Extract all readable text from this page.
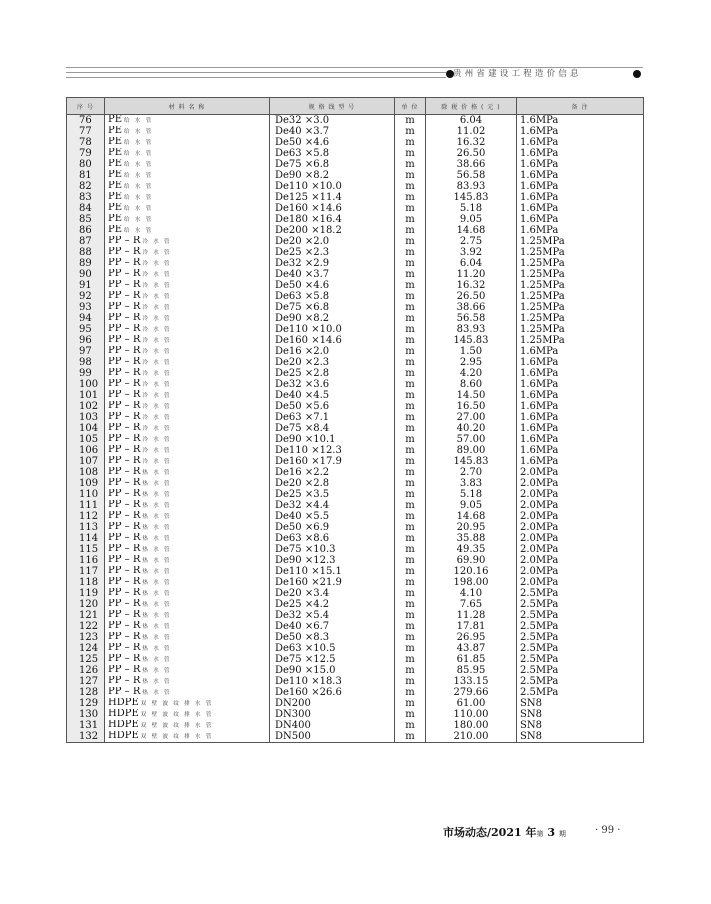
贵州省建设工程造价信息
序 号	材 料 名 称	规 格 线 型 号	单 位	除 税 价 格 ( 元 )	备 注
76	PE 给 水 管	De32 ×3.0	m	6.04	1.6MPa
77	PE 给 水 管	De40 ×3.7	m	11.02	1.6MPa
78	PE 给 水 管	De50 ×4.6	m	16.32	1.6MPa
79	PE 给 水 管	De63 ×5.8	m	26.50	1.6MPa
80	PE 给 水 管	De75 ×6.8	m	38.66	1.6MPa
81	PE 给 水 管	De90 ×8.2	m	56.58	1.6MPa
82	PE 给 水 管	De110 ×10.0	m	83.93	1.6MPa
83	PE 给 水 管	De125 ×11.4	m	145.83	1.6MPa
84	PE 给 水 管	De160 ×14.6	m	5.18	1.6MPa
85	PE 给 水 管	De180 ×16.4	m	9.05	1.6MPa
86	PE 给 水 管	De200 ×18.2	m	14.68	1.6MPa
87	PP – R 冷 水 管	De20 ×2.0	m	2.75	1.25MPa
88	PP – R 冷 水 管	De25 ×2.3	m	3.92	1.25MPa
89	PP – R 冷 水 管	De32 ×2.9	m	6.04	1.25MPa
90	PP – R 冷 水 管	De40 ×3.7	m	11.20	1.25MPa
91	PP – R 冷 水 管	De50 ×4.6	m	16.32	1.25MPa
92	PP – R 冷 水 管	De63 ×5.8	m	26.50	1.25MPa
93	PP – R 冷 水 管	De75 ×6.8	m	38.66	1.25MPa
94	PP – R 冷 水 管	De90 ×8.2	m	56.58	1.25MPa
95	PP – R 冷 水 管	De110 ×10.0	m	83.93	1.25MPa
96	PP – R 冷 水 管	De160 ×14.6	m	145.83	1.25MPa
97	PP – R 冷 水 管	De16 ×2.0	m	1.50	1.6MPa
98	PP – R 冷 水 管	De20 ×2.3	m	2.95	1.6MPa
99	PP – R 冷 水 管	De25 ×2.8	m	4.20	1.6MPa
100	PP – R 冷 水 管	De32 ×3.6	m	8.60	1.6MPa
101	PP – R 冷 水 管	De40 ×4.5	m	14.50	1.6MPa
102	PP – R 冷 水 管	De50 ×5.6	m	16.50	1.6MPa
103	PP – R 冷 水 管	De63 ×7.1	m	27.00	1.6MPa
104	PP – R 冷 水 管	De75 ×8.4	m	40.20	1.6MPa
105	PP – R 冷 水 管	De90 ×10.1	m	57.00	1.6MPa
106	PP – R 冷 水 管	De110 ×12.3	m	89.00	1.6MPa
107	PP – R 冷 水 管	De160 ×17.9	m	145.83	1.6MPa
108	PP – R 热 水 管	De16 ×2.2	m	2.70	2.0MPa
109	PP – R 热 水 管	De20 ×2.8	m	3.83	2.0MPa
110	PP – R 热 水 管	De25 ×3.5	m	5.18	2.0MPa
111	PP – R 热 水 管	De32 ×4.4	m	9.05	2.0MPa
112	PP – R 热 水 管	De40 ×5.5	m	14.68	2.0MPa
113	PP – R 热 水 管	De50 ×6.9	m	20.95	2.0MPa
114	PP – R 热 水 管	De63 ×8.6	m	35.88	2.0MPa
115	PP – R 热 水 管	De75 ×10.3	m	49.35	2.0MPa
116	PP – R 热 水 管	De90 ×12.3	m	69.90	2.0MPa
117	PP – R 热 水 管	De110 ×15.1	m	120.16	2.0MPa
118	PP – R 热 水 管	De160 ×21.9	m	198.00	2.0MPa
119	PP – R 热 水 管	De20 ×3.4	m	4.10	2.5MPa
120	PP – R 热 水 管	De25 ×4.2	m	7.65	2.5MPa
121	PP – R 热 水 管	De32 ×5.4	m	11.28	2.5MPa
122	PP – R 热 水 管	De40 ×6.7	m	17.81	2.5MPa
123	PP – R 热 水 管	De50 ×8.3	m	26.95	2.5MPa
124	PP – R 热 水 管	De63 ×10.5	m	43.87	2.5MPa
125	PP – R 热 水 管	De75 ×12.5	m	61.85	2.5MPa
126	PP – R 热 水 管	De90 ×15.0	m	85.95	2.5MPa
127	PP – R 热 水 管	De110 ×18.3	m	133.15	2.5MPa
128	PP – R 热 水 管	De160 ×26.6	m	279.66	2.5MPa
129	HDPE 双 壁 波 纹 排 水 管	DN200	m	61.00	SN8
130	HDPE 双 壁 波 纹 排 水 管	DN300	m	110.00	SN8
131	HDPE 双 壁 波 纹 排 水 管	DN400	m	180.00	SN8
132	HDPE 双 壁 波 纹 排 水 管	DN500	m	210.00	SN8
市场动态/2021 年第 3 期	· 99 ·
